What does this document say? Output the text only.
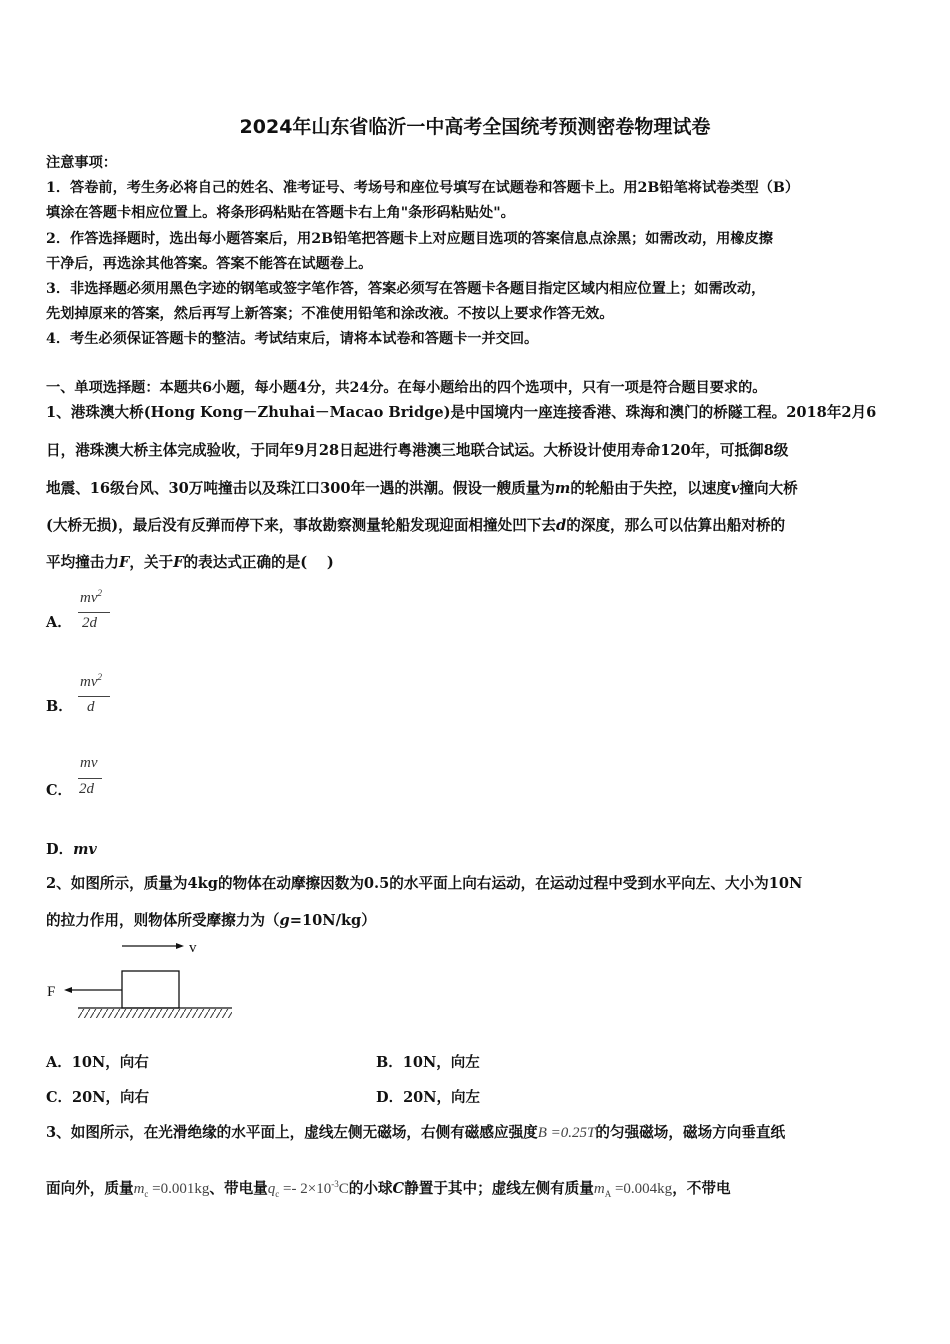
2024年山东省临沂一中高考全国统考预测密卷物理试卷
注意事项：
1．答卷前，考生务必将自己的姓名、准考证号、考场号和座位号填写在试题卷和答题卡上。用2B铅笔将试卷类型（B）
填涂在答题卡相应位置上。将条形码粘贴在答题卡右上角"条形码粘贴处"。
2．作答选择题时，选出每小题答案后，用2B铅笔把答题卡上对应题目选项的答案信息点涂黑；如需改动，用橡皮擦
干净后，再选涂其他答案。答案不能答在试题卷上。
3．非选择题必须用黑色字迹的钢笔或签字笔作答，答案必须写在答题卡各题目指定区域内相应位置上；如需改动，
先划掉原来的答案，然后再写上新答案；不准使用铅笔和涂改液。不按以上要求作答无效。
4．考生必须保证答题卡的整洁。考试结束后，请将本试卷和答题卡一并交回。
一、单项选择题：本题共6小题，每小题4分，共24分。在每小题给出的四个选项中，只有一项是符合题目要求的。
1、港珠澳大桥(Hong Kong－Zhuhai－Macao Bridge)是中国境内一座连接香港、珠海和澳门的桥隧工程。2018年2月6
日，港珠澳大桥主体完成验收，于同年9月28日起进行粤港澳三地联合试运。大桥设计使用寿命120年，可抵御8级
地震、16级台风、30万吨撞击以及珠江口300年一遇的洪潮。假设一艘质量为m的轮船由于失控，以速度v撞向大桥
(大桥无损)，最后没有反弹而停下来，事故勘察测量轮船发现迎面相撞处凹下去d的深度，那么可以估算出船对桥的
平均撞击力F，关于F的表达式正确的是(　 )
A．
$mv^2$
2d
B．
$mv^2$
d
C．
mv
2d
D．mv
2、如图所示，质量为4kg的物体在动摩擦因数为0.5的水平面上向右运动，在运动过程中受到水平向左、大小为10N
的拉力作用，则物体所受摩擦力为（g=10N/kg）
v
F
A．10N，向右	B．10N，向左
C．20N，向右	D．20N，向左
3、如图所示，在光滑绝缘的水平面上，虚线左侧无磁场，右侧有磁感应强度B =0.25T的匀强磁场，磁场方向垂直纸
面向外，质量$m_c =0.001kg$、带电量$q_c =- 2\times 10^{-3}C$的小球C静置于其中；虚线左侧有质量$m_A =0.004kg$，不带电
